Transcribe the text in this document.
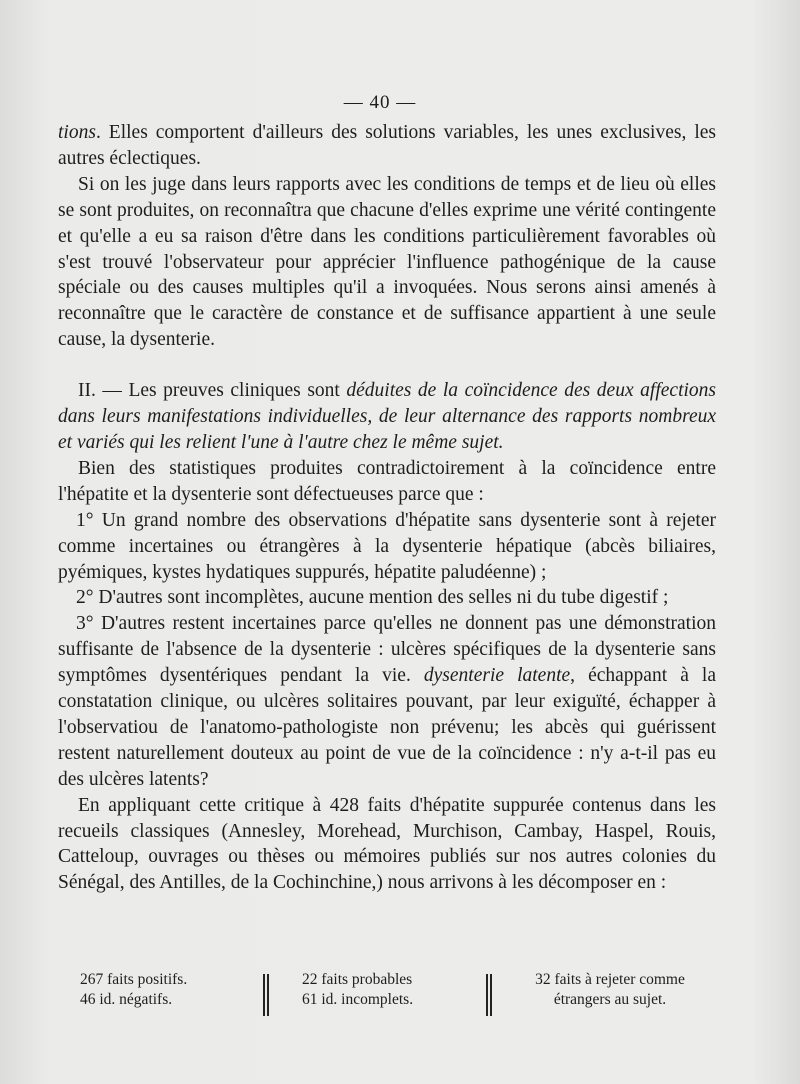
— 40 —

tions. Elles comportent d'ailleurs des solutions variables, les unes exclusives, les autres éclectiques.

Si on les juge dans leurs rapports avec les conditions de temps et de lieu où elles se sont produites, on reconnaîtra que chacune d'elles exprime une vérité contingente et qu'elle a eu sa raison d'être dans les conditions particulièrement favorables où s'est trouvé l'observateur pour apprécier l'influence pathogénique de la cause spéciale ou des causes multiples qu'il a invoquées. Nous serons ainsi amenés à reconnaître que le caractère de constance et de suffisance appartient à une seule cause, la dysenterie.

II. — Les preuves cliniques sont déduites de la coïncidence des deux affections dans leurs manifestations individuelles, de leur alternance des rapports nombreux et variés qui les relient l'une à l'autre chez le même sujet.

Bien des statistiques produites contradictoirement à la coïncidence entre l'hépatite et la dysenterie sont défectueuses parce que :

1° Un grand nombre des observations d'hépatite sans dysenterie sont à rejeter comme incertaines ou étrangères à la dysenterie hépatique (abcès biliaires, pyémiques, kystes hydatiques suppurés, hépatite paludéenne) ;

2° D'autres sont incomplètes, aucune mention des selles ni du tube digestif ;

3° D'autres restent incertaines parce qu'elles ne donnent pas une démonstration suffisante de l'absence de la dysenterie : ulcères spécifiques de la dysenterie sans symptômes dysentériques pendant la vie. dysenterie latente, échappant à la constatation clinique, ou ulcères solitaires pouvant, par leur exiguïté, échapper à l'observatiou de l'anatomo-pathologiste non prévenu; les abcès qui guérissent restent naturellement douteux au point de vue de la coïncidence : n'y a-t-il pas eu des ulcères latents?

En appliquant cette critique à 428 faits d'hépatite suppurée contenus dans les recueils classiques (Annesley, Morehead, Murchison, Cambay, Haspel, Rouis, Catteloup, ouvrages ou thèses ou mémoires publiés sur nos autres colonies du Sénégal, des Antilles, de la Cochinchine,) nous arrivons à les décomposer en :

267 faits positifs.
46 id. négatifs.
22 faits probables
61 id. incomplets.
32 faits à rejeter comme
étrangers au sujet.
